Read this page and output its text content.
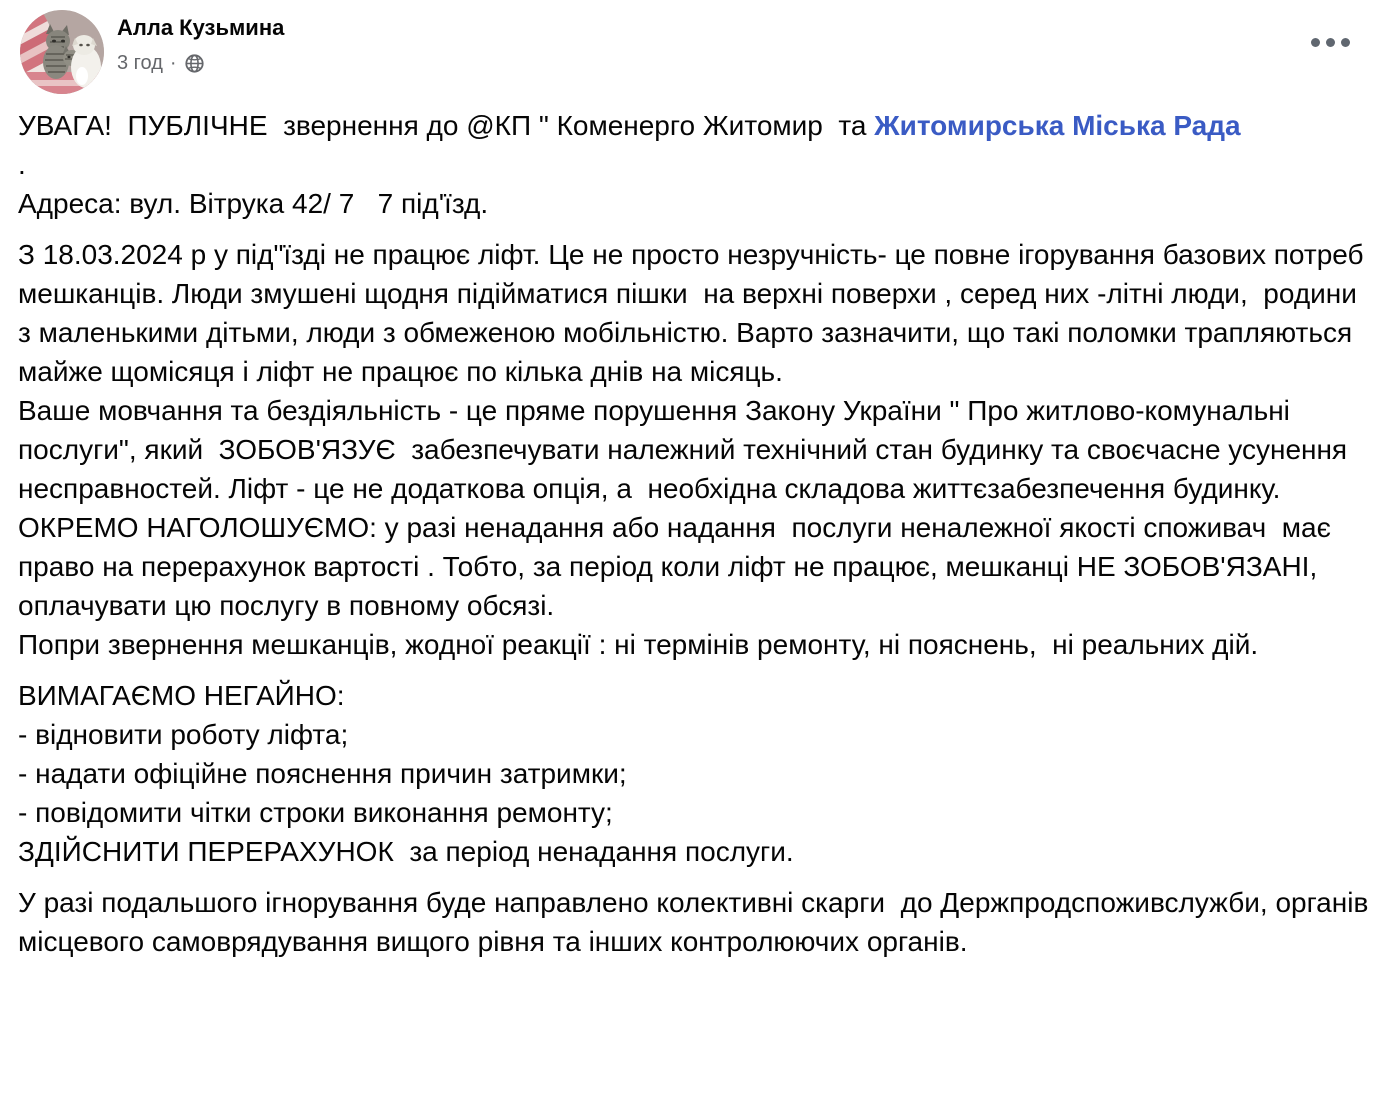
Алла Кузьмина
3 год ·
УВАГА!  ПУБЛІЧНЕ  звернення до @КП " Коменерго Житомир  та Житомирська Міська Рада
.
Адреса: вул. Вітрука 42/ 7   7 під'їзд.
З 18.03.2024 р у під"їзді не працює ліфт. Це не просто незручність- це повне ігорування базових потреб мешканців. Люди змушені щодня підійматися пішки  на верхні поверхи , серед них -літні люди,  родини з маленькими дітьми, люди з обмеженою мобільністю. Варто зазначити, що такі поломки трапляються  майже щомісяця і ліфт не працює по кілька днів на місяць.
Ваше мовчання та бездіяльність - це пряме порушення Закону України " Про житлово-комунальні послуги", який  ЗОБОВ'ЯЗУЄ  забезпечувати належний технічний стан будинку та своєчасне усунення несправностей. Ліфт - це не додаткова опція, а  необхідна складова життєзабезпечення будинку.
ОКРЕМО НАГОЛОШУЄМО: у разі ненадання або надання  послуги неналежної якості споживач  має право на перерахунок вартості . Тобто, за період коли ліфт не працює, мешканці НЕ ЗОБОВ'ЯЗАНІ,  оплачувати цю послугу в повному обсязі.
Попри звернення мешканців, жодної реакції : ні термінів ремонту, ні пояснень,  ні реальних дій.
ВИМАГАЄМО НЕГАЙНО:
- відновити роботу ліфта;
- надати офіційне пояснення причин затримки;
- повідомити чітки строки виконання ремонту;
ЗДІЙСНИТИ ПЕРЕРАХУНОК  за період ненадання послуги.
У разі подальшого ігнорування буде направлено колективні скарги  до Держпродспоживслужби, органів місцевого самоврядування вищого рівня та інших контролюючих органів.
